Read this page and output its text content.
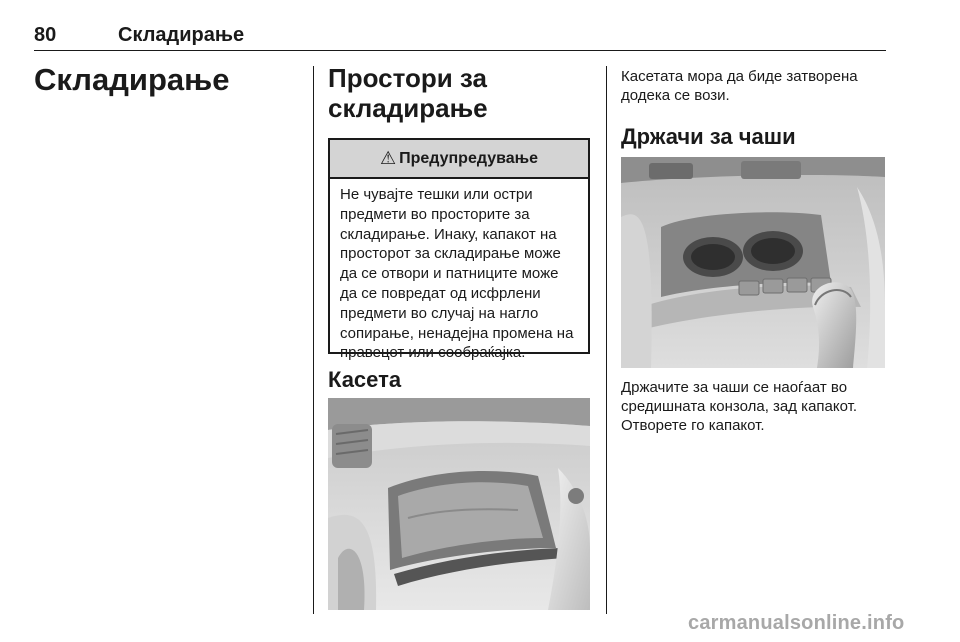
80	Складирање
Складирање	Простори за складирање
⚠ Предупредување
Не чувајте тешки или остри предмети во просторите за складирање. Инаку, капакот на просторот за складирање може да се отвори и патниците може да се повредат од исфрлени предмети во случај на нагло сопирање, ненадејна промена на правецот или сообраќајка.
Касета
Касетата мора да биде затворена додека се вози.
Држачи за чаши
Држачите за чаши се наоѓаат во средишната конзола, зад капакот. Отворете го капакот.
carmanualsonline.info
